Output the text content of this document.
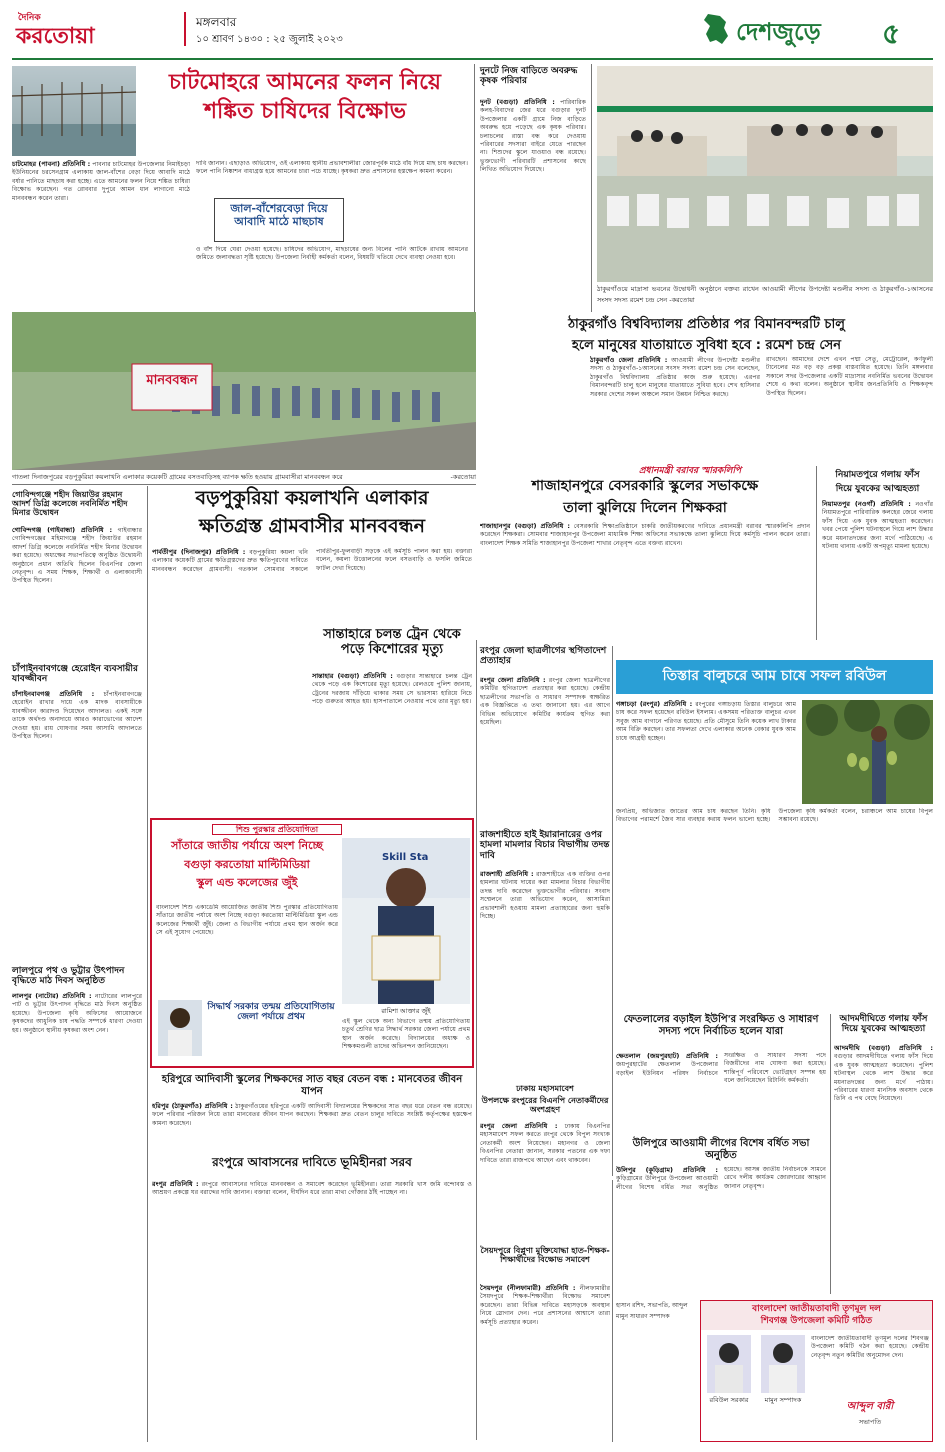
দৈনিক
করতোয়া
মঙ্গলবার
১০ শ্রাবণ ১৪৩০ : ২৫ জুলাই ২০২৩	দেশজুড়ে ৫
চাটমোহরে আমনের ফলন নিয়ে
শঙ্কিত চাষিদের বিক্ষোভ
চাটমোহর (পাবনা) প্রতিনিধি : পাবনার চাটমোহর উপজেলার নিমাইচড়া ইউনিয়নের চরসেনগ্রাম এলাকায় জাল-বাঁশের বেড়া দিয়ে আবাদি মাঠে বর্ষার পানিতে মাছচাষ করা হচ্ছে। এতে আমনের ফলন নিয়ে শঙ্কিত চাষিরা বিক্ষোভ করেছেন। গত রোববার দুপুরে আমন ধান লাগানো মাঠে মানববন্ধন করেন তারা।
দাবি জানান। এছাড়াও অভিযোগ, ওই এলাকায় স্থানীয় প্রভাবশালীরা জোরপূর্বক মাঠে বাঁধ দিয়ে মাছ চাষ করছেন। ফলে পানি নিষ্কাশন বাধাগ্রস্ত হয়ে আমনের চারা পচে যাচ্ছে। কৃষকরা দ্রুত প্রশাসনের হস্তক্ষেপ কামনা করেন।
জাল-বাঁশেরবেড়া দিয়ে আবাদি মাঠে মাছচাষ
ও বাঁশ দিয়ে ঘেরা দেওয়া হয়েছে। চাষিদের অভিযোগ, মাছচাষের জন্য বিলের পানি আটকে রাখায় আমনের জমিতে জলাবদ্ধতা সৃষ্টি হয়েছে। উপজেলা নির্বাহী কর্মকর্তা বলেন, বিষয়টি খতিয়ে দেখে ব্যবস্থা নেওয়া হবে।
দুনটে নিজ বাড়িতে অবরুদ্ধ কৃষক পরিবার
দুনট (বগুড়া) প্রতিনিধি : পারিবারিক কলহ-বিবাদের জের ধরে বগুড়ার দুনট উপজেলার একটি গ্রামে নিজ বাড়িতে অবরুদ্ধ হয়ে পড়েছে এক কৃষক পরিবার। চলাচলের রাস্তা বন্ধ করে দেওয়ায় পরিবারের সদস্যরা বাইরে যেতে পারছেন না। শিশুদের স্কুলে যাওয়াও বন্ধ রয়েছে। ভুক্তভোগী পরিবারটি প্রশাসনের কাছে লিখিত অভিযোগ দিয়েছে।
ঠাকুরগাঁওয়ে মাদ্রাসা ভবনের উদ্বোধনী অনুষ্ঠানে বক্তব্য রাখেন আওয়ামী লীগের উপদেষ্টা মণ্ডলীর সদস্য ও ঠাকুরগাঁও-১আসনের সংসদ সদস্য রমেশ চন্দ্র সেন -করতোয়া
ঠাকুরগাঁও বিশ্ববিদ্যালয় প্রতিষ্ঠার পর বিমানবন্দরটি চালু
হলে মানুষের যাতায়াতে সুবিধা হবে : রমেশ চন্দ্র সেন
ঠাকুরগাঁও জেলা প্রতিনিধি : আওয়ামী লীগের উপদেষ্টা মণ্ডলীর সদস্য ও ঠাকুরগাঁও-১আসনের সংসদ সদস্য রমেশ চন্দ্র সেন বলেছেন, ঠাকুরগাঁও বিশ্ববিদ্যালয় প্রতিষ্ঠার কাজ শুরু হয়েছে। এরপর বিমানবন্দরটি চালু হলে মানুষের যাতায়াতে সুবিধা হবে। শেখ হাসিনার সরকার দেশের সকল অঞ্চলে সমান উন্নয়ন নিশ্চিত করছে।
রাখছেন। আমাদের দেশে এখন পদ্মা সেতু, মেট্রোরেল, কর্ণফুলী টানেলের মত বড় বড় প্রকল্প বাস্তবায়িত হয়েছে। তিনি মঙ্গলবার সকালে সদর উপজেলার একটি মাদ্রাসার নবনির্মিত ভবনের উদ্বোধন শেষে এ কথা বলেন। অনুষ্ঠানে স্থানীয় জনপ্রতিনিধি ও শিক্ষকবৃন্দ উপস্থিত ছিলেন।
মানববন্ধন
গাতলা দিনাজপুরের বড়পুকুরিয়া কয়লাখনি এলাকার কয়েকটি গ্রামের বসতবাড়িসহ ব্যাপক ক্ষতি হওয়ায় গ্রামবাসীরা মানববন্ধন করে	-করতোয়া
প্রধানমন্ত্রী বরাবর স্মারকলিপি
শাজাহানপুরে বেসরকারি স্কুলের সভাকক্ষে
তালা ঝুলিয়ে দিলেন শিক্ষকরা
শাজাহানপুর (বগুড়া) প্রতিনিধি : বেসরকারি শিক্ষাপ্রতিষ্ঠানে চাকরি জাতীয়করণের দাবিতে প্রধানমন্ত্রী বরাবর স্মারকলিপি প্রদান করেছেন শিক্ষকরা। সোমবার শাজাহানপুর উপজেলা মাধ্যমিক শিক্ষা অফিসের সভাকক্ষে তালা ঝুলিয়ে দিয়ে কর্মসূচি পালন করেন তারা। বাংলাদেশ শিক্ষক সমিতি শাজাহানপুর উপজেলা শাখার নেতৃবৃন্দ এতে বক্তব্য রাখেন।
নিয়ামতপুরে গলায় ফাঁস
দিয়ে যুবকের আত্মহত্যা
নিয়ামতপুর (নওগাঁ) প্রতিনিধি : নওগাঁর নিয়ামতপুরে পারিবারিক কলহের জেরে গলায় ফাঁস দিয়ে এক যুবক আত্মহত্যা করেছেন। খবর পেয়ে পুলিশ ঘটনাস্থলে গিয়ে লাশ উদ্ধার করে ময়নাতদন্তের জন্য মর্গে পাঠিয়েছে। এ ঘটনায় থানায় একটি অপমৃত্যু মামলা হয়েছে।
গোবিন্দগঞ্জে শহীদ জিয়াউর রহমান আদর্শ ডিগ্রি কলেজে নবনির্মিত শহীদ মিনার উদ্বোধন
গোবিন্দগঞ্জ (গাইবান্ধা) প্রতিনিধি : গাইবান্ধার গোবিন্দগঞ্জের মহিমাগঞ্জে শহীদ জিয়াউর রহমান আদর্শ ডিগ্রি কলেজে নবনির্মিত শহীদ মিনার উদ্বোধন করা হয়েছে। অধ্যক্ষের সভাপতিত্বে অনুষ্ঠিত উদ্বোধনী অনুষ্ঠানে প্রধান অতিথি ছিলেন বিএনপির জেলা নেতৃবৃন্দ। এ সময় শিক্ষক, শিক্ষার্থী ও এলাকাবাসী উপস্থিত ছিলেন।
চাঁপাইনবাবগঞ্জে হেরোইন ব্যবসায়ীর যাবজ্জীবন
চাঁপাইনবাবগঞ্জ প্রতিনিধি : চাঁপাইনবাবগঞ্জে হেরোইন রাখার দায়ে এক মাদক ব্যবসায়ীকে যাবজ্জীবন কারাদণ্ড দিয়েছেন আদালত। একই সঙ্গে তাকে অর্থদণ্ড অনাদায়ে আরও কারাভোগের আদেশ দেওয়া হয়। রায় ঘোষণার সময় আসামি আদালতে উপস্থিত ছিলেন।
লালপুরে পথ ও ভুট্টার উৎপাদন বৃদ্ধিতে মাঠ দিবস অনুষ্ঠিত
লালপুর (নাটোর) প্রতিনিধি : নাটোরের লালপুরে পাট ও ভুট্টার উৎপাদন বৃদ্ধিতে মাঠ দিবস অনুষ্ঠিত হয়েছে। উপজেলা কৃষি অফিসের আয়োজনে কৃষকদের আধুনিক চাষ পদ্ধতি সম্পর্কে ধারণা দেওয়া হয়। অনুষ্ঠানে স্থানীয় কৃষকরা অংশ নেন।
বড়পুকুরিয়া কয়লাখনি এলাকার
ক্ষতিগ্রস্ত গ্রামবাসীর মানববন্ধন
পার্বতীপুর (দিনাজপুর) প্রতিনিধি : বড়পুকুরিয়া কয়লা খনি এলাকার কয়েকটি গ্রামের ক্ষতিগ্রস্তদের দ্রুত ক্ষতিপূরণের দাবিতে মানববন্ধন করেছেন গ্রামবাসী। গতকাল সোমবার সকালে পার্বতীপুর-ফুলবাড়ী সড়কে এই কর্মসূচি পালন করা হয়। বক্তারা বলেন, কয়লা উত্তোলনের ফলে বসতবাড়ি ও ফসলি জমিতে ফাটল দেখা দিয়েছে।
সান্তাহারে চলন্ত ট্রেন থেকে পড়ে কিশোরের মৃত্যু
সান্তাহার (বগুড়া) প্রতিনিধি : বগুড়ার সান্তাহারে চলন্ত ট্রেন থেকে পড়ে এক কিশোরের মৃত্যু হয়েছে। রেলওয়ে পুলিশ জানায়, ট্রেনের দরজায় দাঁড়িয়ে থাকার সময় সে ভারসাম্য হারিয়ে নিচে পড়ে গুরুতর আহত হয়। হাসপাতালে নেওয়ার পথে তার মৃত্যু হয়।
শিশু পুরস্কার প্রতিযোগিতা
সাঁতারে জাতীয় পর্যায়ে অংশ নিচ্ছে
বগুড়া করতোয়া মাল্টিমিডিয়া
স্কুল এন্ড কলেজের জুঁই
বাংলাদেশ শিশু একাডেমি আয়োজিত জাতীয় শিশু পুরস্কার প্রতিযোগিতায় সাঁতারে জাতীয় পর্যায়ে অংশ নিচ্ছে বগুড়া করতোয়া মাল্টিমিডিয়া স্কুল এন্ড কলেজের শিক্ষার্থী জুঁই। জেলা ও বিভাগীয় পর্যায়ে প্রথম স্থান অর্জন করে সে এই সুযোগ পেয়েছে।
Skill Sta
রামিশা আক্তার জুঁই
সিদ্ধার্থ সরকার তন্ময় প্রতিযোগিতায় জেলা পর্যায়ে প্রথম	এই স্কুল থেকে অন্য বিভাগে তন্ময় প্রতিযোগিতায় চতুর্থ শ্রেণির ছাত্র সিদ্ধার্থ সরকার জেলা পর্যায়ে প্রথম স্থান অর্জন করেছে। বিদ্যালয়ের অধ্যক্ষ ও শিক্ষকমণ্ডলী তাদের অভিনন্দন জানিয়েছেন।
হরিপুরে আদিবাসী স্কুলের শিক্ষকদের সাত বছর বেতন বন্ধ : মানবেতর জীবন যাপন
হরিপুর (ঠাকুরগাঁও) প্রতিনিধি : ঠাকুরগাঁওয়ের হরিপুরে একটি আদিবাসী বিদ্যালয়ের শিক্ষকদের সাত বছর ধরে বেতন বন্ধ রয়েছে। ফলে পরিবার পরিজন নিয়ে তারা মানবেতর জীবন যাপন করছেন। শিক্ষকরা দ্রুত বেতন চালুর দাবিতে সংশ্লিষ্ট কর্তৃপক্ষের হস্তক্ষেপ কামনা করেছেন।
রংপুরে আবাসনের দাবিতে ভূমিহীনরা সরব
রংপুর প্রতিনিধি : রংপুরে আবাসনের দাবিতে মানববন্ধন ও সমাবেশ করেছেন ভূমিহীনরা। তারা সরকারি খাস জমি বন্দোবস্ত ও আশ্রয়ণ প্রকল্পে ঘর বরাদ্দের দাবি জানান। বক্তারা বলেন, দীর্ঘদিন ধরে তারা মাথা গোঁজার ঠাঁই পাচ্ছেন না।
রংপুর জেলা ছাত্রলীগের স্থগিতাদেশ প্রত্যাহার
রংপুর জেলা প্রতিনিধি : রংপুর জেলা ছাত্রলীগের কমিটির স্থগিতাদেশ প্রত্যাহার করা হয়েছে। কেন্দ্রীয় ছাত্রলীগের সভাপতি ও সাধারণ সম্পাদক স্বাক্ষরিত এক বিজ্ঞপ্তিতে এ তথ্য জানানো হয়। এর আগে বিভিন্ন অভিযোগে কমিটির কার্যক্রম স্থগিত করা হয়েছিল।
তিস্তার বালুচরে আম চাষে সফল রবিউল
গঙ্গাচড়া (রংপুর) প্রতিনিধি : রংপুরের গঙ্গাচড়ায় তিস্তার বালুচরে আম চাষ করে সফল হয়েছেন রবিউল ইসলাম। একসময় পরিত্যক্ত বালুচর এখন সবুজ আম বাগানে পরিণত হয়েছে। প্রতি মৌসুমে তিনি কয়েক লাখ টাকার আম বিক্রি করছেন। তার সফলতা দেখে এলাকার অনেক বেকার যুবক আম চাষে আগ্রহী হচ্ছেন।
জনপ্রিয়, অভিজাত জাতের আম চাষ করছেন তিনি। কৃষি বিভাগের পরামর্শে জৈব সার ব্যবহার করায় ফলন ভালো হচ্ছে। উপজেলা কৃষি কর্মকর্তা বলেন, চরাঞ্চলে আম চাষের বিপুল সম্ভাবনা রয়েছে।
রাজশাহীতে হাই ইয়ারানারের ওপর হামলা মামলার বিচার বিভাগীয় তদন্ত দাবি
রাজশাহী প্রতিনিধি : রাজশাহীতে এক ব্যক্তির ওপর হামলার ঘটনায় দায়ের করা মামলার বিচার বিভাগীয় তদন্ত দাবি করেছেন ভুক্তভোগীর পরিবার। সংবাদ সম্মেলনে তারা অভিযোগ করেন, আসামিরা প্রভাবশালী হওয়ায় মামলা প্রত্যাহারের জন্য হুমকি দিচ্ছে।
ফেতলালের বড়াইল ইউপি'র সংরক্ষিত ও সাধারণ সদস্য পদে নির্বাচিত হলেন যারা
ক্ষেতলাল (জয়পুরহাট) প্রতিনিধি : জয়পুরহাটের ক্ষেতলাল উপজেলার বড়াইল ইউনিয়ন পরিষদ নির্বাচনে সংরক্ষিত ও সাধারণ সদস্য পদে বিজয়ীদের নাম ঘোষণা করা হয়েছে। শান্তিপূর্ণ পরিবেশে ভোটগ্রহণ সম্পন্ন হয় বলে জানিয়েছেন রিটার্নিং কর্মকর্তা।
আদমদীঘিতে গলায় ফাঁস দিয়ে যুবকের আত্মহত্যা
আদমদীঘি (বগুড়া) প্রতিনিধি : বগুড়ার আদমদীঘিতে গলায় ফাঁস দিয়ে এক যুবক আত্মহত্যা করেছেন। পুলিশ ঘটনাস্থল থেকে লাশ উদ্ধার করে ময়নাতদন্তের জন্য মর্গে পাঠায়। পরিবারের ধারণা মানসিক অবসাদ থেকে তিনি এ পথ বেছে নিয়েছেন।
ঢাকায় মহাসমাবেশ
উপলক্ষে রংপুরের বিএনপি নেতাকর্মীদের অংশগ্রহণ
রংপুর জেলা প্রতিনিধি : ঢাকায় বিএনপির মহাসমাবেশ সফল করতে রংপুর থেকে বিপুল সংখ্যক নেতাকর্মী অংশ নিয়েছেন। মহানগর ও জেলা বিএনপির নেতারা জানান, সরকার পতনের এক দফা দাবিতে তারা রাজপথে আছেন এবং থাকবেন।
উলিপুরে আওয়ামী লীগের বিশেষ বর্ধিত সভা অনুষ্ঠিত
উলিপুর (কুড়িগ্রাম) প্রতিনিধি : কুড়িগ্রামের উলিপুরে উপজেলা আওয়ামী লীগের বিশেষ বর্ধিত সভা অনুষ্ঠিত হয়েছে। আসন্ন জাতীয় নির্বাচনকে সামনে রেখে দলীয় কার্যক্রম জোরদারের আহ্বান জানান নেতৃবৃন্দ।
সৈয়দপুরে বিপ্লুণা মুক্তিযোদ্ধা হাত-শিক্ষক-শিক্ষার্থীদের বিক্ষোভ সমাবেশ
সৈয়দপুর (নীলফামারী) প্রতিনিধি : নীলফামারীর সৈয়দপুরে শিক্ষক-শিক্ষার্থীরা বিক্ষোভ সমাবেশ করেছেন। তারা বিভিন্ন দাবিতে মহাসড়কে অবস্থান নিয়ে স্লোগান দেন। পরে প্রশাসনের আশ্বাসে তারা কর্মসূচি প্রত্যাহার করেন।
বাংলাদেশ জাতীয়তাবাদী তৃণমূল দল
শিবগঞ্জ উপজেলা কমিটি গঠিত
রবিউল সরকার	মামুন সম্পাদক
বাংলাদেশ জাতীয়তাবাদী তৃণমূল দলের শিবগঞ্জ উপজেলা কমিটি গঠন করা হয়েছে। কেন্দ্রীয় নেতৃবৃন্দ নতুন কমিটির অনুমোদন দেন।
আব্দুল বারী
সভাপতি
হাসান রশিদ, সভাপতি, আব্দুল মামুন সাধারণ সম্পাদক
